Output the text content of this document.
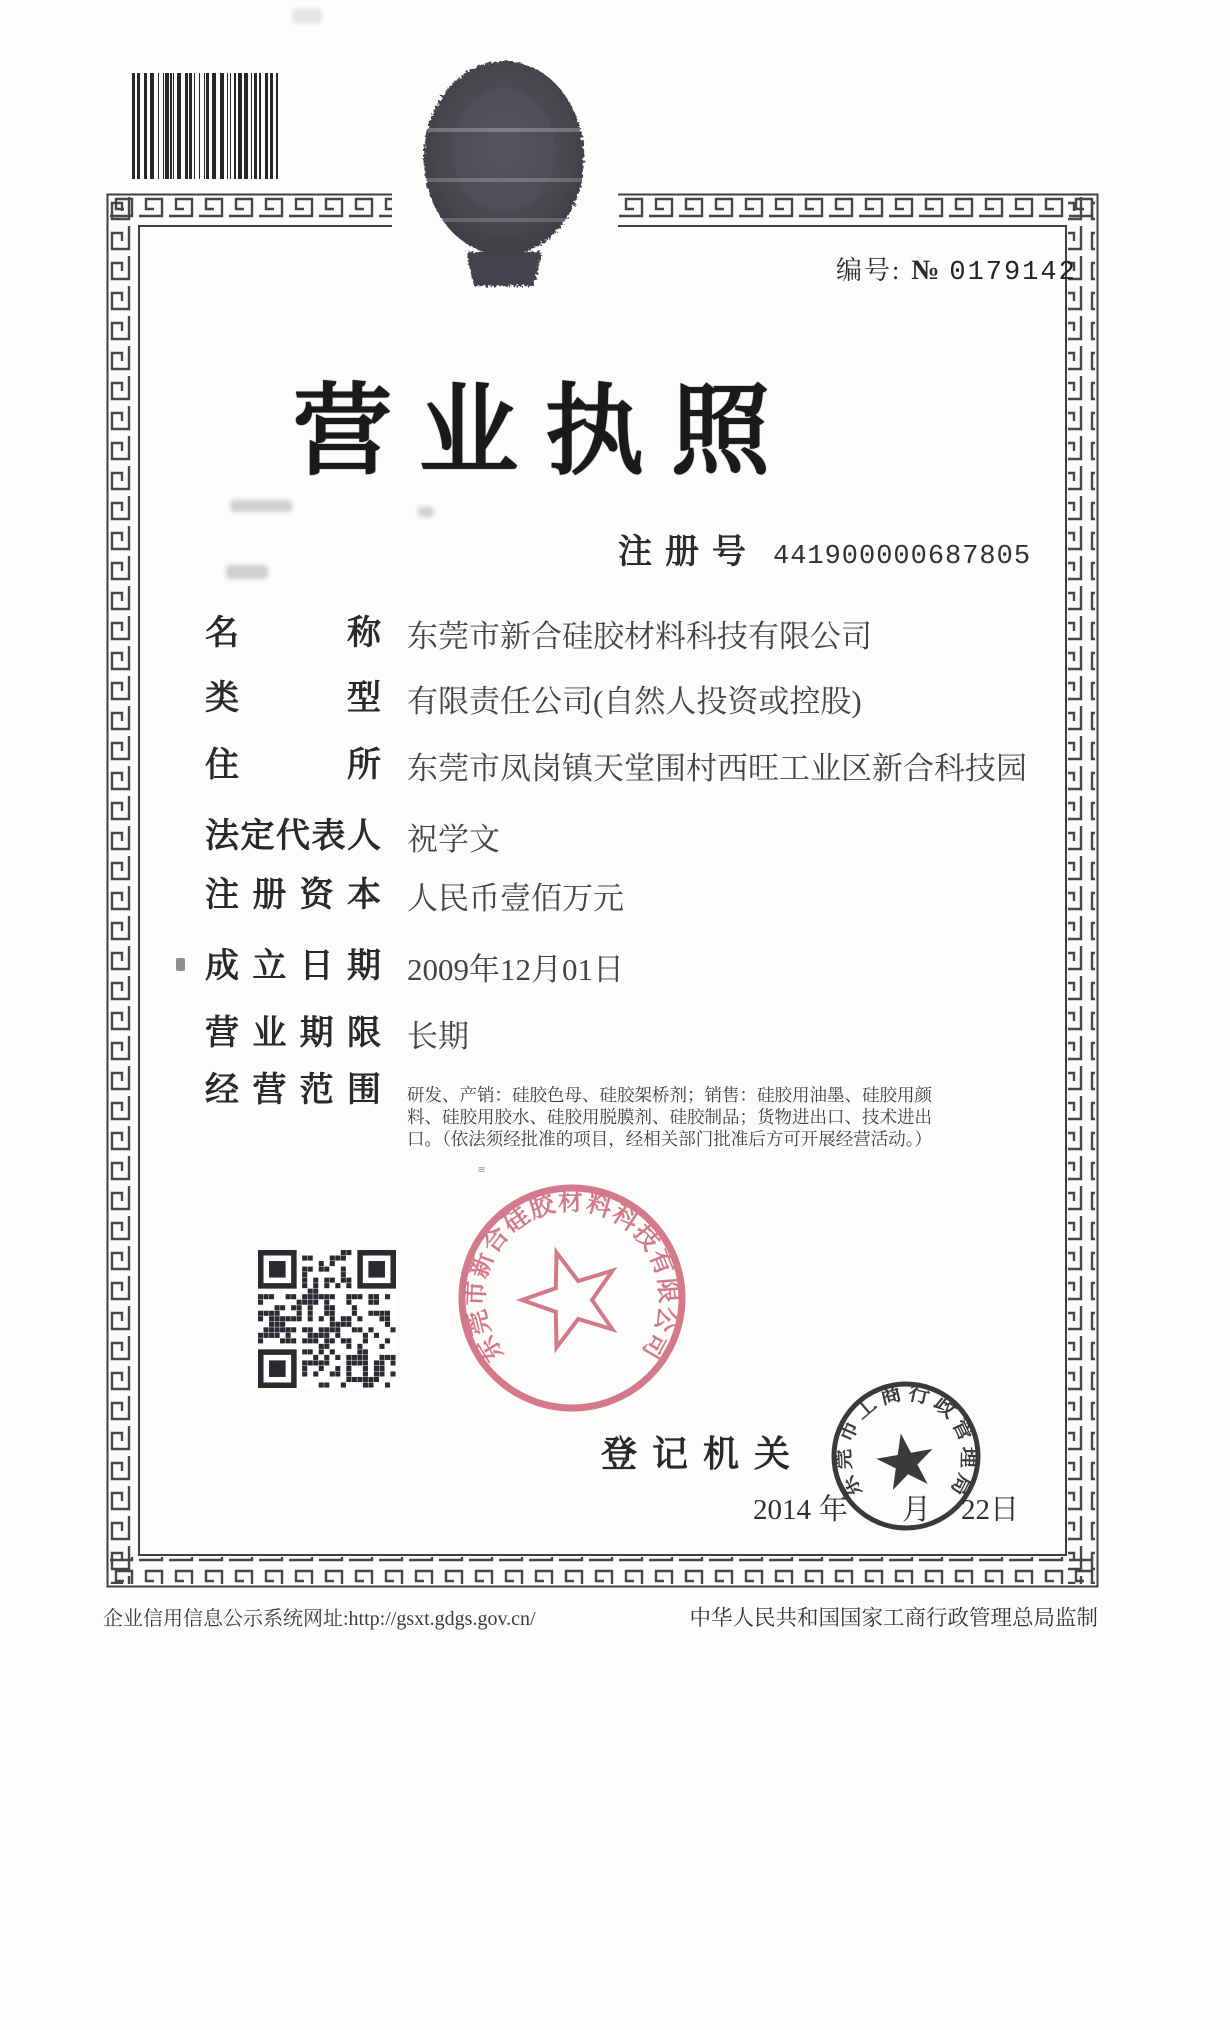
编号: № 0179142
营业执照
注册号 441900000687805
名称 东莞市新合硅胶材料科技有限公司
类型 有限责任公司(自然人投资或控股)
住所 东莞市凤岗镇天堂围村西旺工业区新合科技园
法定代表人 祝学文
注册资本 人民币壹佰万元
成立日期 2009年12月01日
营业期限 长期
经营范围 研发、产销：硅胶色母、硅胶架桥剂；销售：硅胶用油墨、硅胶用颜料、硅胶用胶水、硅胶用脱膜剂、硅胶制品；货物进出口、技术进出口。（依法须经批准的项目，经相关部门批准后方可开展经营活动。）
≡
东莞市新合硅胶材料科技有限公司
登记机关
2014 年 月 22日
东莞市工商行政管理局
企业信用信息公示系统网址:http://gsxt.gdgs.gov.cn/	中华人民共和国国家工商行政管理总局监制
